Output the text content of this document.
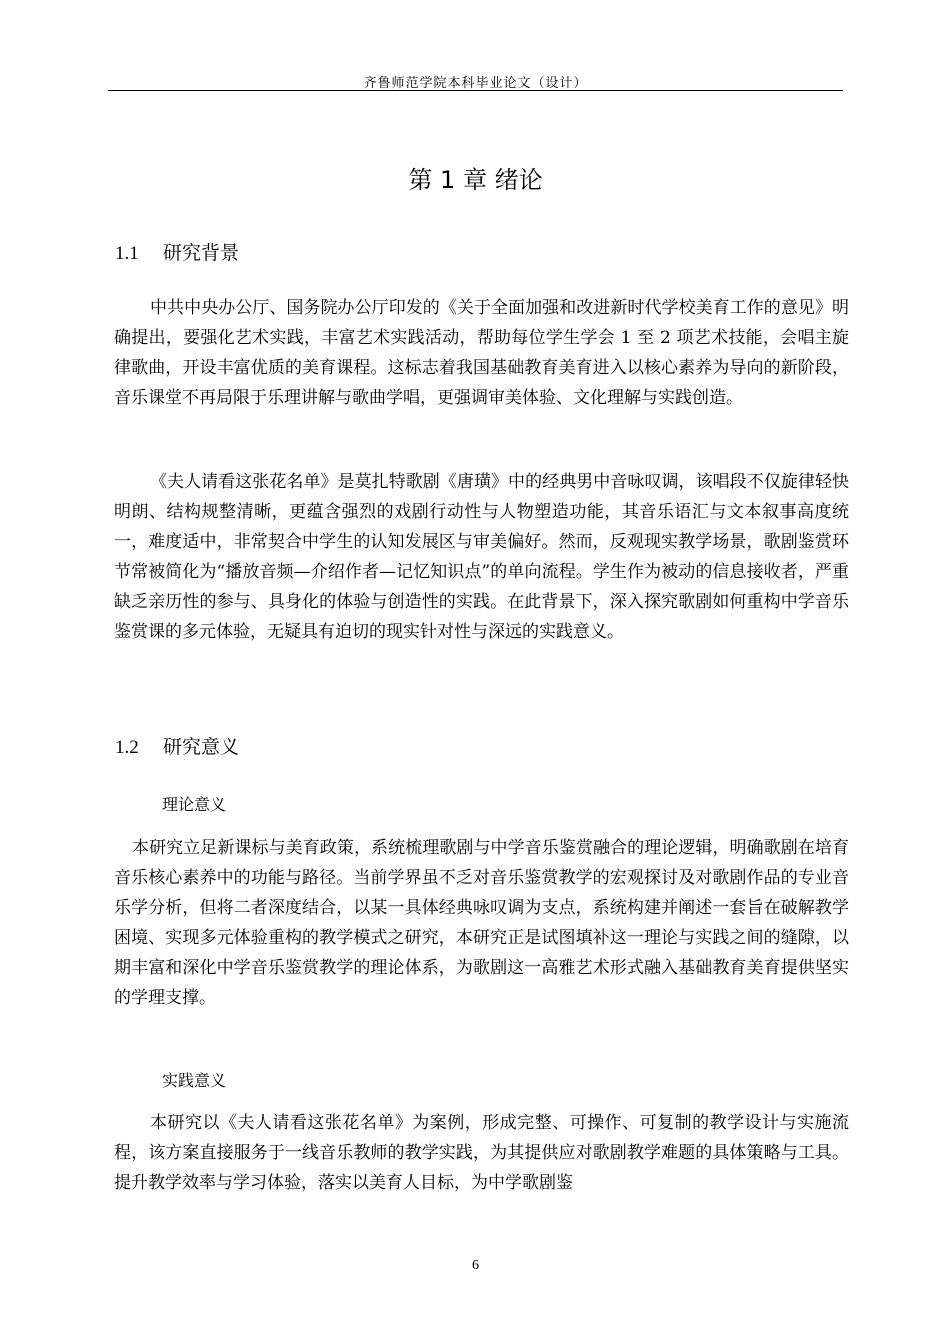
齐鲁师范学院本科毕业论文（设计）
第 1 章 绪论
1.1 研究背景

中共中央办公厅、国务院办公厅印发的《关于全面加强和改进新时代学校美育工作的意见》明确提出，要强化艺术实践，丰富艺术实践活动，帮助每位学生学会 1 至 2 项艺术技能，会唱主旋律歌曲，开设丰富优质的美育课程。这标志着我国基础教育美育进入以核心素养为导向的新阶段，音乐课堂不再局限于乐理讲解与歌曲学唱，更强调审美体验、文化理解与实践创造。

《夫人请看这张花名单》是莫扎特歌剧《唐璜》中的经典男中音咏叹调，该唱段不仅旋律轻快明朗、结构规整清晰，更蕴含强烈的戏剧行动性与人物塑造功能，其音乐语汇与文本叙事高度统一，难度适中，非常契合中学生的认知发展区与审美偏好。然而，反观现实教学场景，歌剧鉴赏环节常被简化为“播放音频—介绍作者—记忆知识点”的单向流程。学生作为被动的信息接收者，严重缺乏亲历性的参与、具身化的体验与创造性的实践。在此背景下，深入探究歌剧如何重构中学音乐鉴赏课的多元体验，无疑具有迫切的现实针对性与深远的实践意义。

1.2 研究意义
理论意义

本研究立足新课标与美育政策，系统梳理歌剧与中学音乐鉴赏融合的理论逻辑，明确歌剧在培育音乐核心素养中的功能与路径。当前学界虽不乏对音乐鉴赏教学的宏观探讨及对歌剧作品的专业音乐学分析，但将二者深度结合，以某一具体经典咏叹调为支点，系统构建并阐述一套旨在破解教学困境、实现多元体验重构的教学模式之研究，本研究正是试图填补这一理论与实践之间的缝隙，以期丰富和深化中学音乐鉴赏教学的理论体系，为歌剧这一高雅艺术形式融入基础教育美育提供坚实的学理支撑。

实践意义

本研究以《夫人请看这张花名单》为案例，形成完整、可操作、可复制的教学设计与实施流程，该方案直接服务于一线音乐教师的教学实践，为其提供应对歌剧教学难题的具体策略与工具。提升教学效率与学习体验，落实以美育人目标，为中学歌剧鉴

6
